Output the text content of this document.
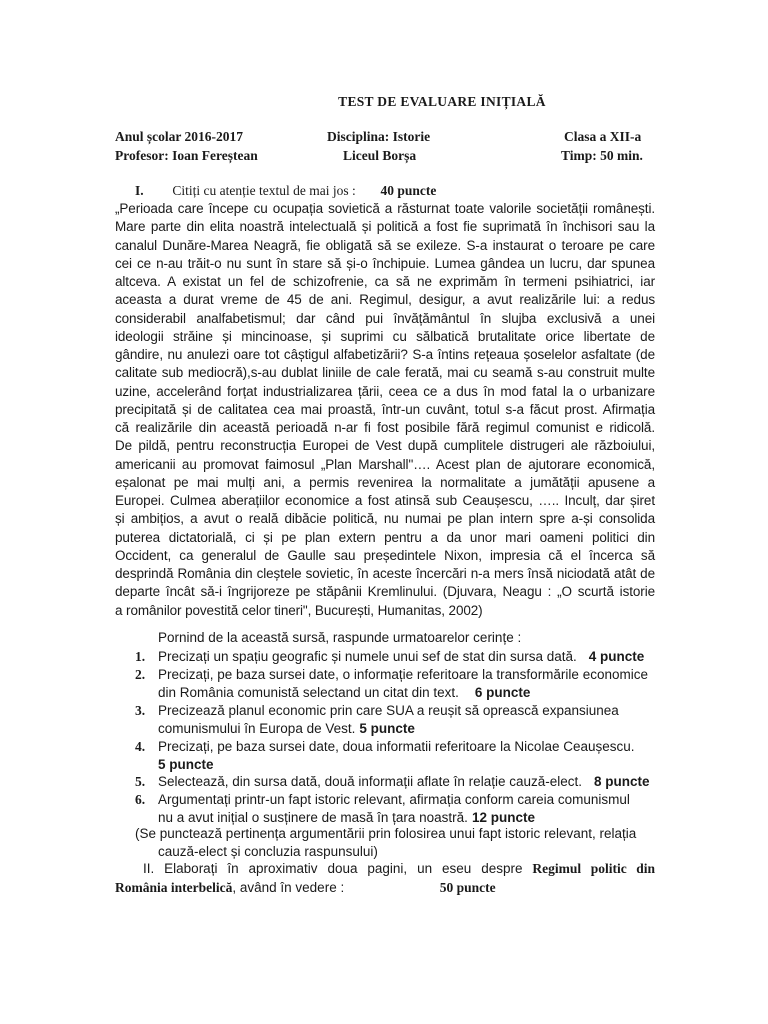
TEST DE EVALUARE INIȚIALĂ
Anul școlar 2016-2017	Disciplina: Istorie	Clasa a XII-a
Profesor: Ioan Fereștean	Liceul Borșa	Timp: 50 min.
I. Citiți cu atenție textul de mai jos : 40 puncte
„Perioada care începe cu ocupația sovietică a răsturnat toate valorile societății românești.
Mare parte din elita noastră intelectuală și politică a fost fie suprimată în închisori sau la
canalul Dunăre-Marea Neagră, fie obligată să se exileze. S-a instaurat o teroare pe care
cei ce n-au trăit-o nu sunt în stare să și-o închipuie. Lumea gândea un lucru, dar spunea
altceva. A existat un fel de schizofrenie, ca să ne exprimăm în termeni psihiatrici, iar
aceasta a durat vreme de 45 de ani. Regimul, desigur, a avut realizările lui: a redus
considerabil analfabetismul; dar când pui învățământul în slujba exclusivă a unei
ideologii străine și mincinoase, și suprimi cu sălbatică brutalitate orice libertate de
gândire, nu anulezi oare tot câștigul alfabetizării? S-a întins rețeaua șoselelor asfaltate (de
calitate sub mediocră),s-au dublat liniile de cale ferată, mai cu seamă s-au construit multe
uzine, accelerând forțat industrializarea țării, ceea ce a dus în mod fatal la o urbanizare
precipitată și de calitatea cea mai proastă, într-un cuvânt, totul s-a făcut prost. Afirmația
că realizările din această perioadă n-ar fi fost posibile fără regimul comunist e ridicolă.
De pildă, pentru reconstrucția Europei de Vest după cumplitele distrugeri ale războiului,
americanii au promovat faimosul „Plan Marshall"…. Acest plan de ajutorare economică,
eșalonat pe mai mulți ani, a permis revenirea la normalitate a jumătății apusene a
Europei. Culmea aberațiilor economice a fost atinsă sub Ceaușescu, ….. Inculț, dar șiret
și ambițios, a avut o reală dibăcie politică, nu numai pe plan intern spre a-și consolida
puterea dictatorială, ci și pe plan extern pentru a da unor mari oameni politici din
Occident, ca generalul de Gaulle sau președintele Nixon, impresia că el încerca să
desprindă România din cleștele sovietic, în aceste încercări n-a mers însă niciodată atât de
departe încât să-i îngrijoreze pe stăpânii Kremlinului. (Djuvara, Neagu : „O scurtă istorie
a românilor povestită celor tineri", București, Humanitas, 2002)
Pornind de la această sursă, raspunde urmatoarelor cerințe :
1. Precizați un spațiu geografic și numele unui sef de stat din sursa dată. 4 puncte
2. Precizați, pe baza sursei date, o informație referitoare la transformările economice
din România comunistă selectand un citat din text. 6 puncte
3. Precizează planul economic prin care SUA a reușit să oprească expansiunea
comunismului în Europa de Vest. 5 puncte
4. Precizați, pe baza sursei date, doua informatii referitoare la Nicolae Ceaușescu.
5 puncte
5. Selectează, din sursa dată, două informații aflate în relație cauză-elect. 8 puncte
6. Argumentați printr-un fapt istoric relevant, afirmația conform careia comunismul
nu a avut inițial o susținere de masă în țara noastră. 12 puncte
(Se punctează pertinența argumentării prin folosirea unui fapt istoric relevant, relația
cauză-elect și concluzia raspunsului)
II. Elaborați în aproximativ doua pagini, un eseu despre Regimul politic din
România interbelică, având în vedere :	50 puncte
